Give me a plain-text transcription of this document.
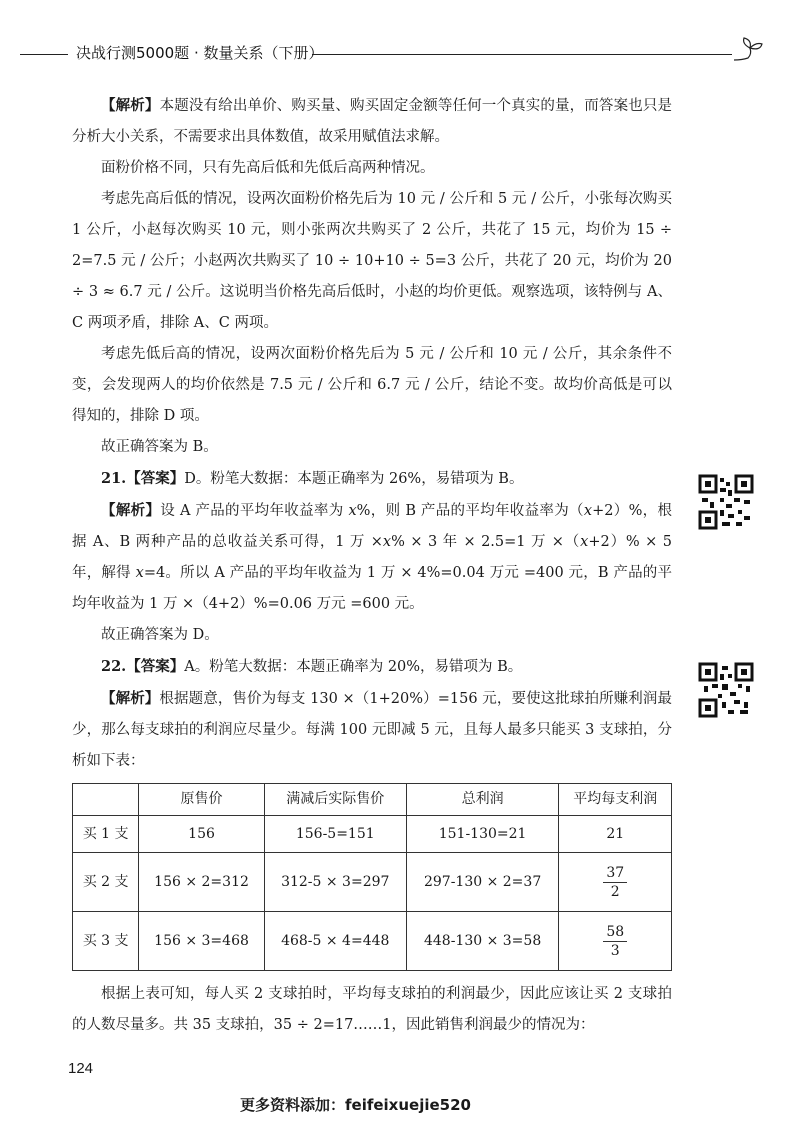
决战行测5000题 · 数量关系（下册）

【解析】本题没有给出单价、购买量、购买固定金额等任何一个真实的量，而答案也只是分析大小关系，不需要求出具体数值，故采用赋值法求解。

面粉价格不同，只有先高后低和先低后高两种情况。

考虑先高后低的情况，设两次面粉价格先后为 10 元 / 公斤和 5 元 / 公斤，小张每次购买 1 公斤，小赵每次购买 10 元，则小张两次共购买了 2 公斤，共花了 15 元，均价为 15 ÷ 2=7.5 元 / 公斤；小赵两次共购买了 10 ÷ 10+10 ÷ 5=3 公斤，共花了 20 元，均价为 20 ÷ 3 ≈ 6.7 元 / 公斤。这说明当价格先高后低时，小赵的均价更低。观察选项，该特例与 A、C 两项矛盾，排除 A、C 两项。

考虑先低后高的情况，设两次面粉价格先后为 5 元 / 公斤和 10 元 / 公斤，其余条件不变，会发现两人的均价依然是 7.5 元 / 公斤和 6.7 元 / 公斤，结论不变。故均价高低是可以得知的，排除 D 项。

故正确答案为 B。

21.【答案】D。粉笔大数据：本题正确率为 26%，易错项为 B。

【解析】设 A 产品的平均年收益率为 x%，则 B 产品的平均年收益率为（x+2）%，根据 A、B 两种产品的总收益关系可得，1 万 ×x% × 3 年 × 2.5=1 万 ×（x+2）% × 5 年，解得 x=4。所以 A 产品的平均年收益为 1 万 × 4%=0.04 万元 =400 元，B 产品的平均年收益为 1 万 ×（4+2）%=0.06 万元 =600 元。

故正确答案为 D。

22.【答案】A。粉笔大数据：本题正确率为 20%，易错项为 B。

【解析】根据题意，售价为每支 130 ×（1+20%）=156 元，要使这批球拍所赚利润最少，那么每支球拍的利润应尽量少。每满 100 元即减 5 元，且每人最多只能买 3 支球拍，分析如下表：

	原售价	满减后实际售价	总利润	平均每支利润
买 1 支	156	156-5=151	151-130=21	21
买 2 支	156 × 2=312	312-5 × 3=297	297-130 × 2=37	$\frac{37}{2}$

买 3 支	156 × 3=468	468-5 × 4=448	448-130 × 3=58	$\frac{58}{3}$

根据上表可知，每人买 2 支球拍时，平均每支球拍的利润最少，因此应该让买 2 支球拍的人数尽量多。共 35 支球拍，35 ÷ 2=17……1，因此销售利润最少的情况为：

124
更多资料添加：feifeixuejie520
